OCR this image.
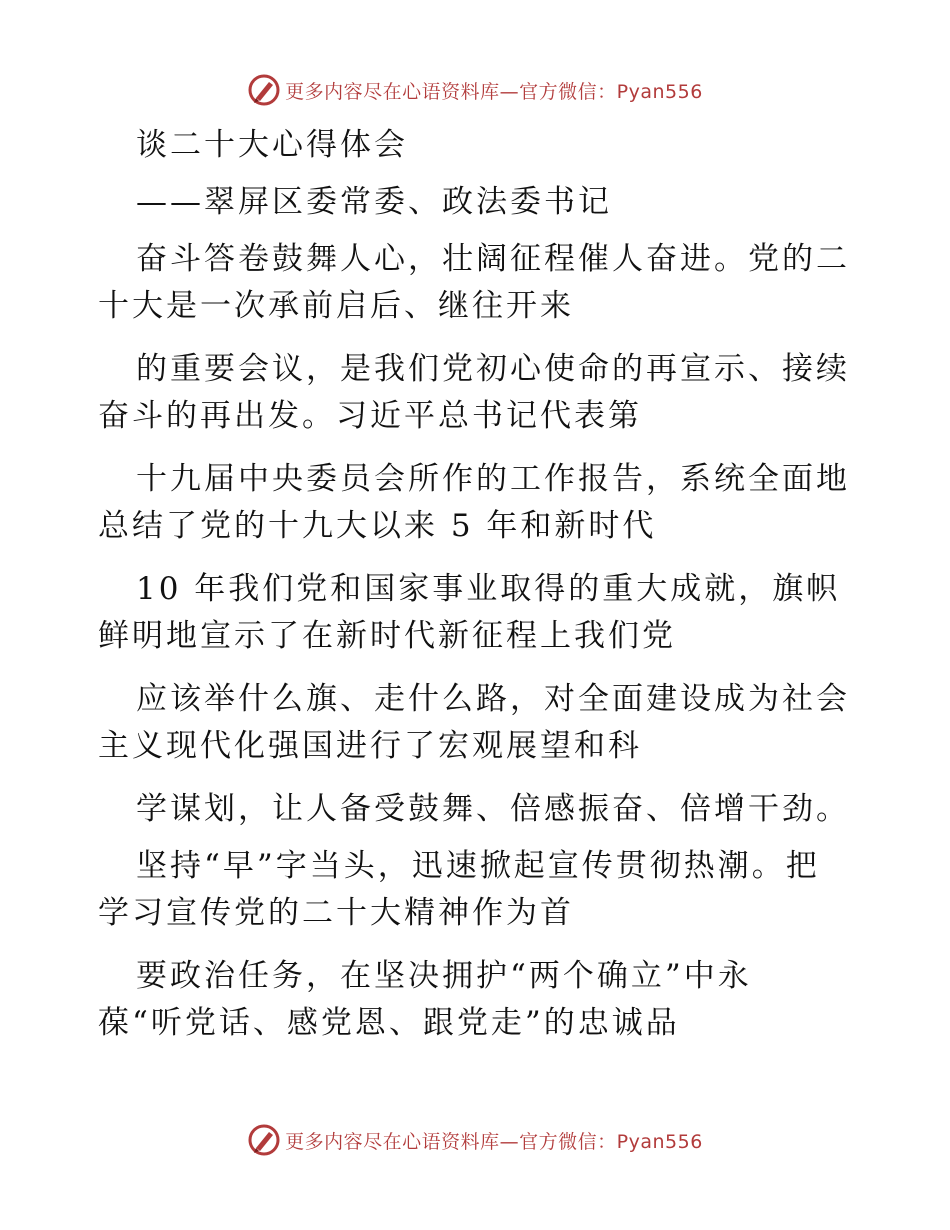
更多内容尽在心语资料库—官方微信：Pyan556
谈二十大心得体会
——翠屏区委常委、政法委书记
奋斗答卷鼓舞人心，壮阔征程催人奋进。党的二
十大是一次承前启后、继往开来
的重要会议，是我们党初心使命的再宣示、接续
奋斗的再出发。习近平总书记代表第
十九届中央委员会所作的工作报告，系统全面地
总结了党的十九大以来 5 年和新时代
10 年我们党和国家事业取得的重大成就，旗帜
鲜明地宣示了在新时代新征程上我们党
应该举什么旗、走什么路，对全面建设成为社会
主义现代化强国进行了宏观展望和科
学谋划，让人备受鼓舞、倍感振奋、倍增干劲。
坚持“早”字当头，迅速掀起宣传贯彻热潮。把
学习宣传党的二十大精神作为首
要政治任务，在坚决拥护“两个确立”中永
葆“听党话、感党恩、跟党走”的忠诚品
更多内容尽在心语资料库—官方微信：Pyan556
